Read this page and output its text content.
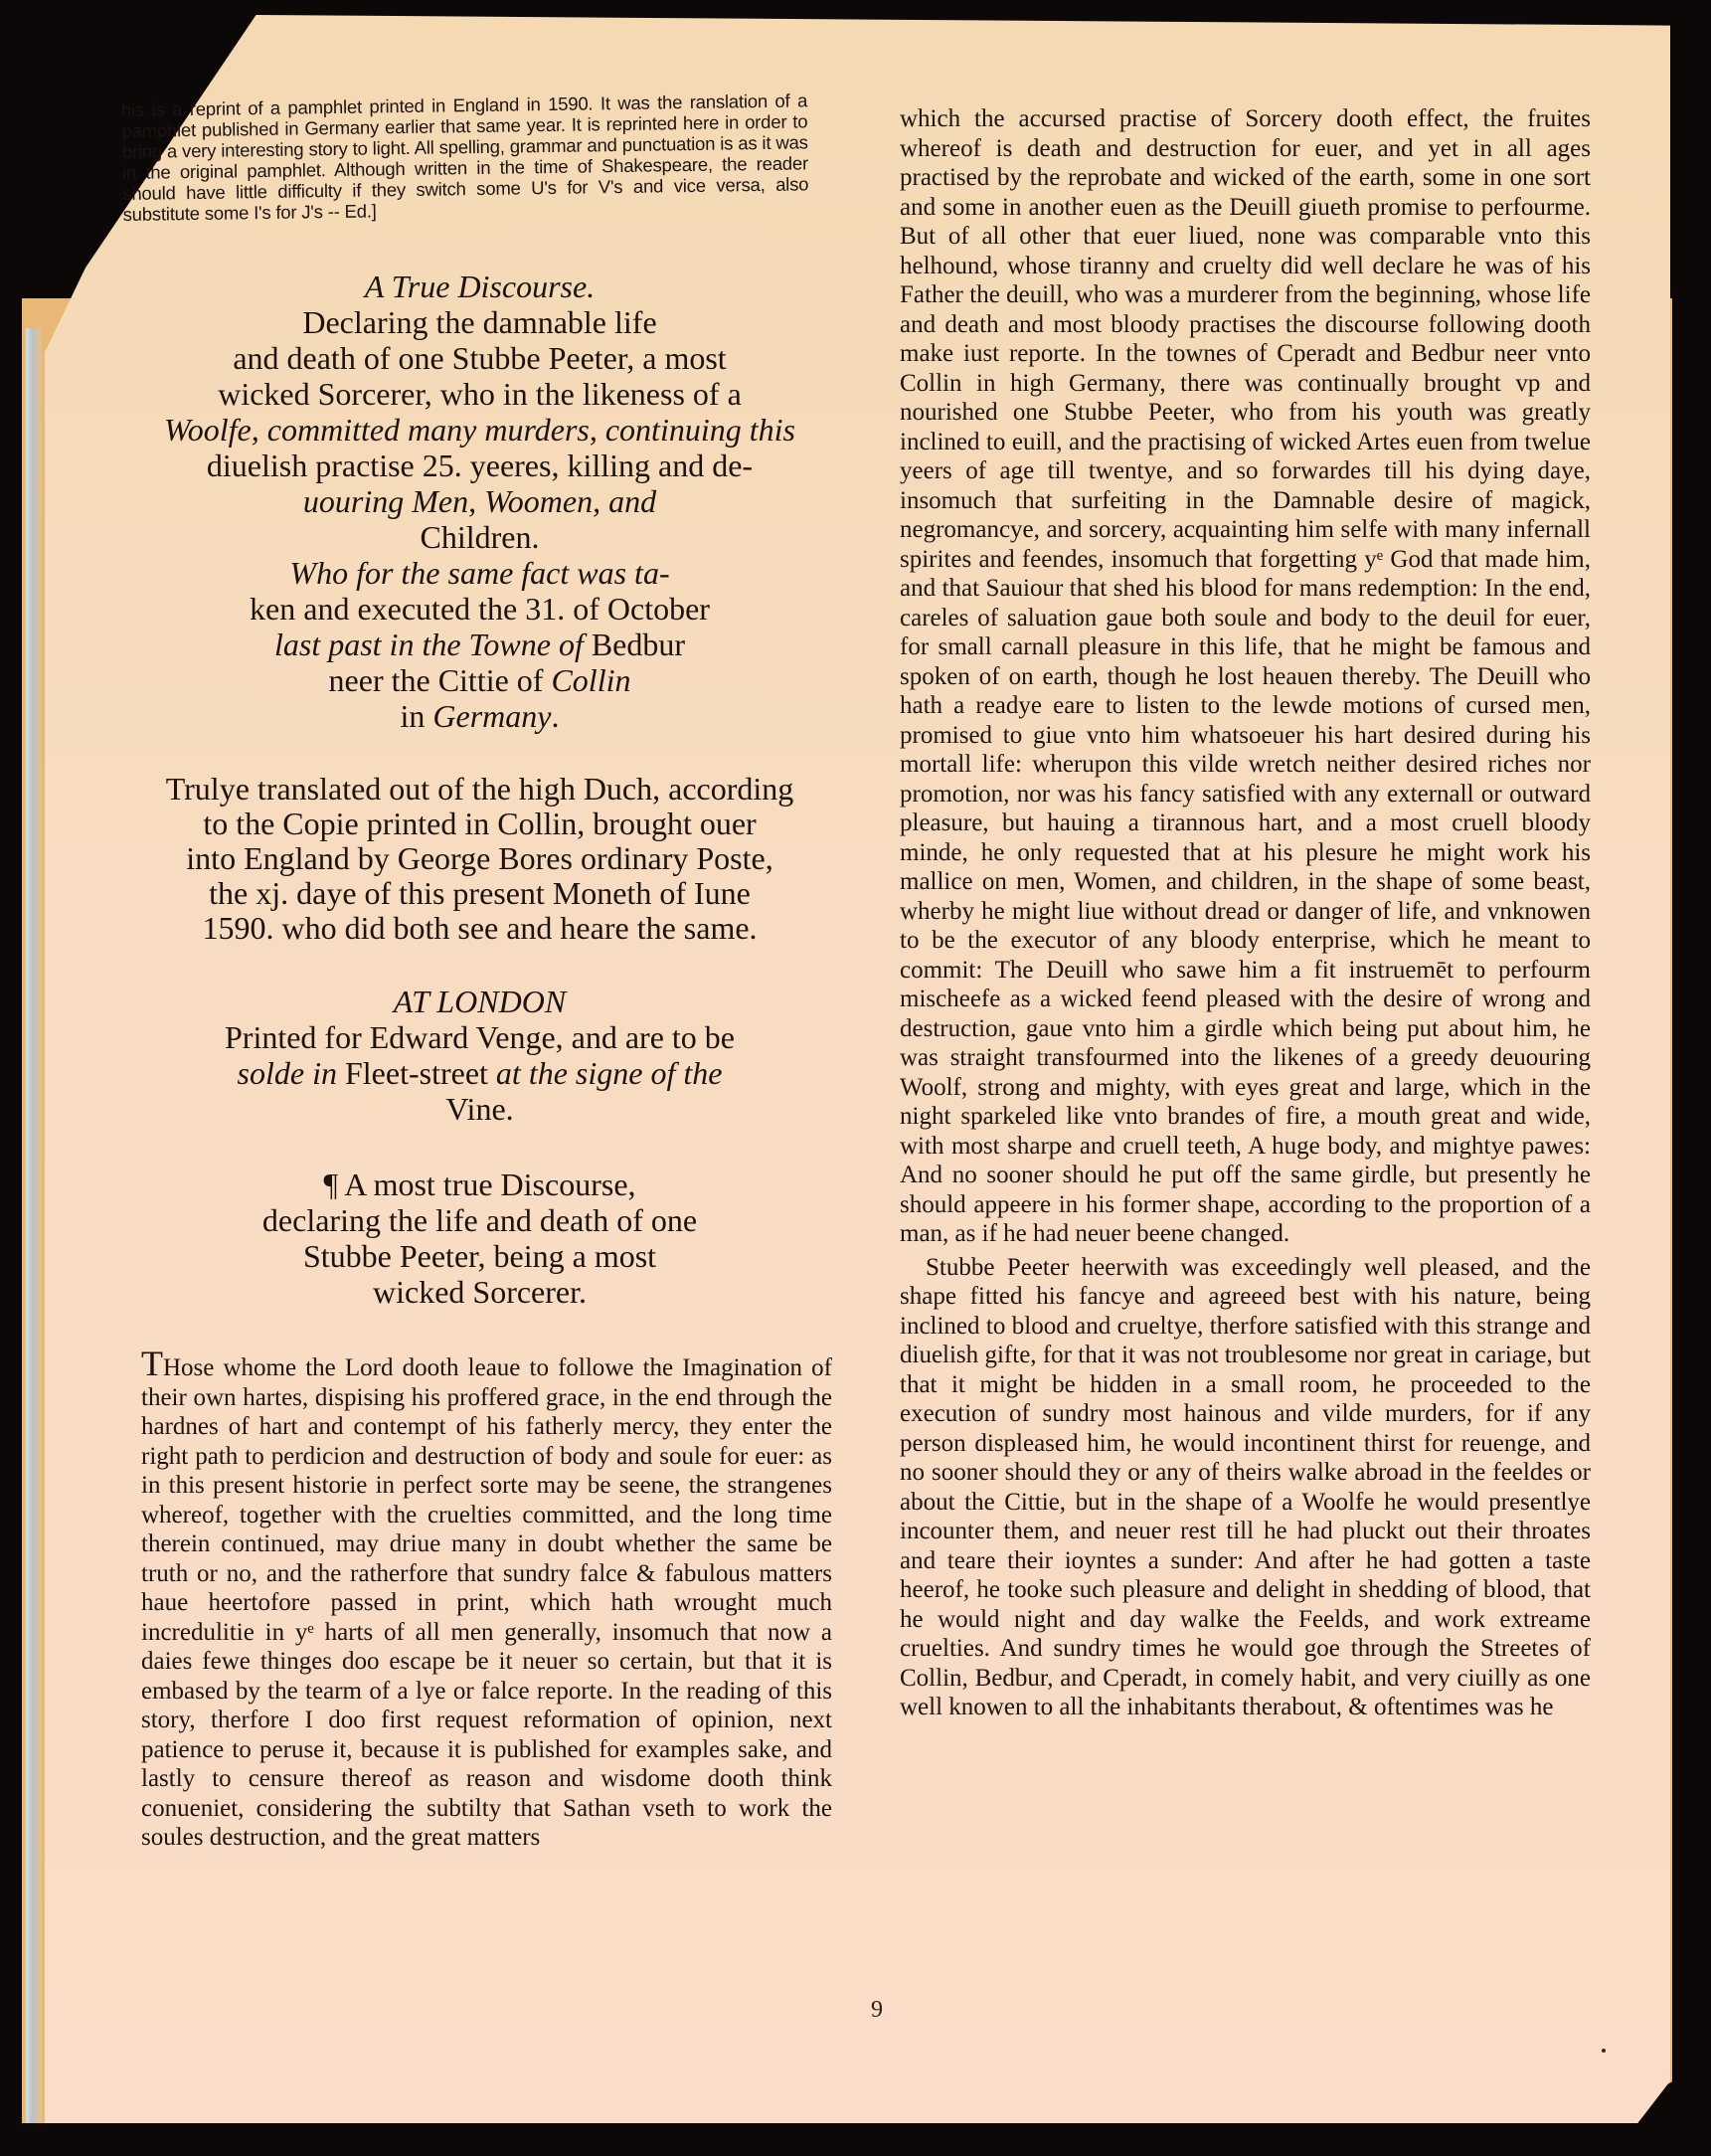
his is a reprint of a pamphlet printed in England in 1590. It was the ranslation of a pamphlet published in Germany earlier that same year. It is reprinted here in order to bring a very interesting story to light. All spelling, grammar and punctuation is as it was in the original pamphlet. Although written in the time of Shakespeare, the reader should have little difficulty if they switch some U's for V's and vice versa, also substitute some I's for J's -- Ed.]

A True Discourse.
Declaring the damnable life
and death of one Stubbe Peeter, a most
wicked Sorcerer, who in the likeness of a
Woolfe, committed many murders, continuing this
diuelish practise 25. yeeres, killing and de-
uouring Men, Woomen, and
Children.
Who for the same fact was ta-
ken and executed the 31. of October
last past in the Towne of Bedbur
neer the Cittie of Collin
in Germany.
Trulye translated out of the high Duch, according
to the Copie printed in Collin, brought ouer
into England by George Bores ordinary Poste,
the xj. daye of this present Moneth of Iune
1590. who did both see and heare the same.
AT LONDON
Printed for Edward Venge, and are to be
solde in Fleet-street at the signe of the
Vine.
¶ A most true Discourse,
declaring the life and death of one
Stubbe Peeter, being a most
wicked Sorcerer.

THose whome the Lord dooth leaue to followe the Imagination of their own hartes, dispising his proffered grace, in the end through the hardnes of hart and contempt of his fatherly mercy, they enter the right path to perdicion and destruction of body and soule for euer: as in this present historie in perfect sorte may be seene, the strangenes whereof, together with the cruelties committed, and the long time therein continued, may driue many in doubt whether the same be truth or no, and the ratherfore that sundry falce & fabulous matters haue heertofore passed in print, which hath wrought much incredulitie in yᵉ harts of all men generally, insomuch that now a daies fewe thinges doo escape be it neuer so certain, but that it is embased by the tearm of a lye or falce reporte. In the reading of this story, therfore I doo first request reformation of opinion, next patience to peruse it, because it is published for examples sake, and lastly to censure thereof as reason and wisdome dooth think conueniet, considering the subtilty that Sathan vseth to work the soules destruction, and the great matters

which the accursed practise of Sorcery dooth effect, the fruites whereof is death and destruction for euer, and yet in all ages practised by the reprobate and wicked of the earth, some in one sort and some in another euen as the Deuill giueth promise to perfourme. But of all other that euer liued, none was comparable vnto this helhound, whose tiranny and cruelty did well declare he was of his Father the deuill, who was a murderer from the beginning, whose life and death and most bloody practises the discourse following dooth make iust reporte. In the townes of Cperadt and Bedbur neer vnto Collin in high Germany, there was continually brought vp and nourished one Stubbe Peeter, who from his youth was greatly inclined to euill, and the practising of wicked Artes euen from twelue yeers of age till twentye, and so forwardes till his dying daye, insomuch that surfeiting in the Damnable desire of magick, negromancye, and sorcery, acquainting him selfe with many infernall spirites and feendes, insomuch that forgetting yᵉ God that made him, and that Sauiour that shed his blood for mans redemption: In the end, careles of saluation gaue both soule and body to the deuil for euer, for small carnall pleasure in this life, that he might be famous and spoken of on earth, though he lost heauen thereby. The Deuill who hath a readye eare to listen to the lewde motions of cursed men, promised to giue vnto him whatsoeuer his hart desired during his mortall life: wherupon this vilde wretch neither desired riches nor promotion, nor was his fancy satisfied with any externall or outward pleasure, but hauing a tirannous hart, and a most cruell bloody minde, he only requested that at his plesure he might work his mallice on men, Women, and children, in the shape of some beast, wherby he might liue without dread or danger of life, and vnknowen to be the executor of any bloody enterprise, which he meant to commit: The Deuill who sawe him a fit instruemēt to perfourm mischeefe as a wicked feend pleased with the desire of wrong and destruction, gaue vnto him a girdle which being put about him, he was straight transfourmed into the likenes of a greedy deuouring Woolf, strong and mighty, with eyes great and large, which in the night sparkeled like vnto brandes of fire, a mouth great and wide, with most sharpe and cruell teeth, A huge body, and mightye pawes: And no sooner should he put off the same girdle, but presently he should appeere in his former shape, according to the proportion of a man, as if he had neuer beene changed.

Stubbe Peeter heerwith was exceedingly well pleased, and the shape fitted his fancye and agreeed best with his nature, being inclined to blood and crueltye, therfore satisfied with this strange and diuelish gifte, for that it was not troublesome nor great in cariage, but that it might be hidden in a small room, he proceeded to the execution of sundry most hainous and vilde murders, for if any person displeased him, he would incontinent thirst for reuenge, and no sooner should they or any of theirs walke abroad in the feeldes or about the Cittie, but in the shape of a Woolfe he would presentlye incounter them, and neuer rest till he had pluckt out their throates and teare their ioyntes a sunder: And after he had gotten a taste heerof, he tooke such pleasure and delight in shedding of blood, that he would night and day walke the Feelds, and work extreame cruelties. And sundry times he would goe through the Streetes of Collin, Bedbur, and Cperadt, in comely habit, and very ciuilly as one well knowen to all the inhabitants therabout, & oftentimes was he

9
